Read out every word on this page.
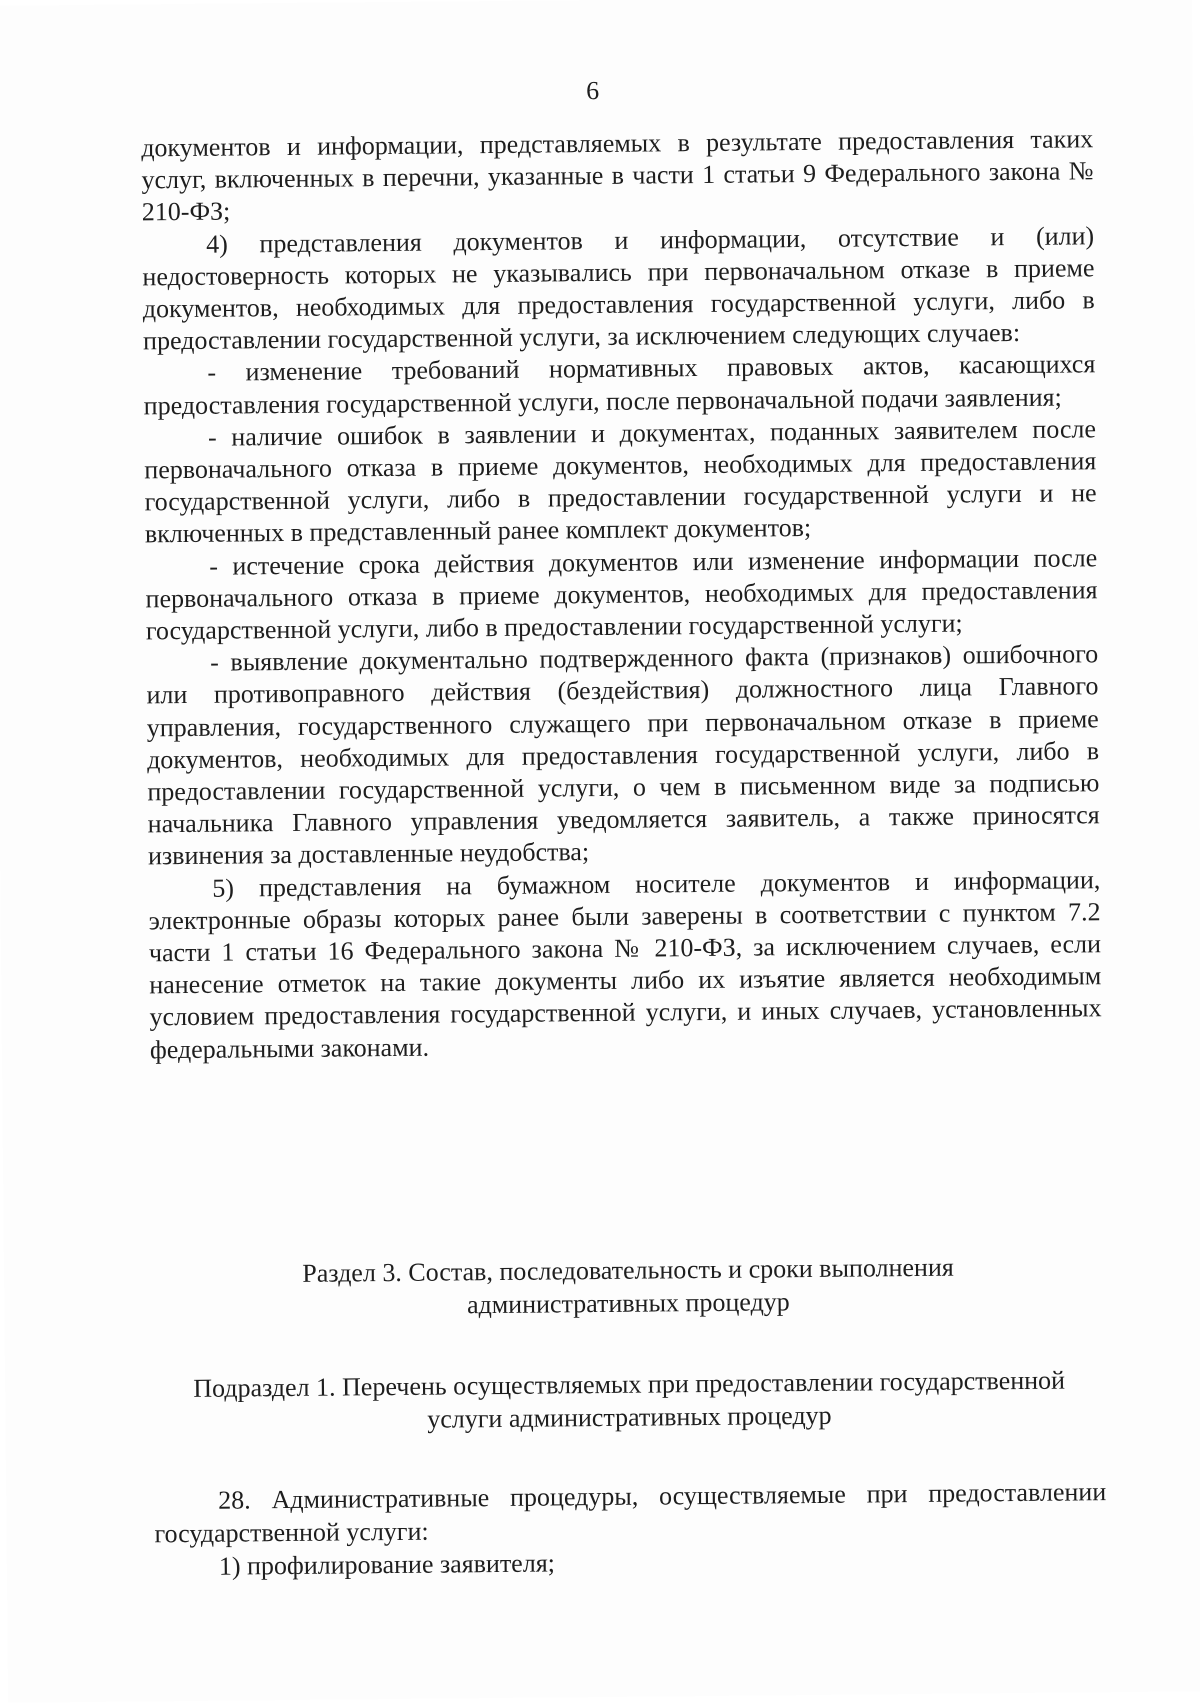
6

документов и информации, представляемых в результате предоставления таких услуг, включенных в перечни, указанные в части 1 статьи 9 Федерального закона № 210-ФЗ;

4) представления документов и информации, отсутствие и (или) недостоверность которых не указывались при первоначальном отказе в приеме документов, необходимых для предоставления государственной услуги, либо в предоставлении государственной услуги, за исключением следующих случаев:

- изменение требований нормативных правовых актов, касающихся предоставления государственной услуги, после первоначальной подачи заявления;

- наличие ошибок в заявлении и документах, поданных заявителем после первоначального отказа в приеме документов, необходимых для предоставления государственной услуги, либо в предоставлении государственной услуги и не включенных в представленный ранее комплект документов;

- истечение срока действия документов или изменение информации после первоначального отказа в приеме документов, необходимых для предоставления государственной услуги, либо в предоставлении государственной услуги;

- выявление документально подтвержденного факта (признаков) ошибочного или противоправного действия (бездействия) должностного лица Главного управления, государственного служащего при первоначальном отказе в приеме документов, необходимых для предоставления государственной услуги, либо в предоставлении государственной услуги, о чем в письменном виде за подписью начальника Главного управления уведомляется заявитель, а также приносятся извинения за доставленные неудобства;

5) представления на бумажном носителе документов и информации, электронные образы которых ранее были заверены в соответствии с пунктом 7.2 части 1 статьи 16 Федерального закона № 210-ФЗ, за исключением случаев, если нанесение отметок на такие документы либо их изъятие является необходимым условием предоставления государственной услуги, и иных случаев, установленных федеральными законами.

Раздел 3. Состав, последовательность и сроки выполнения

административных процедур

Подраздел 1. Перечень осуществляемых при предоставлении государственной

услуги административных процедур

28. Административные процедуры, осуществляемые при предоставлении государственной услуги:

1) профилирование заявителя;
